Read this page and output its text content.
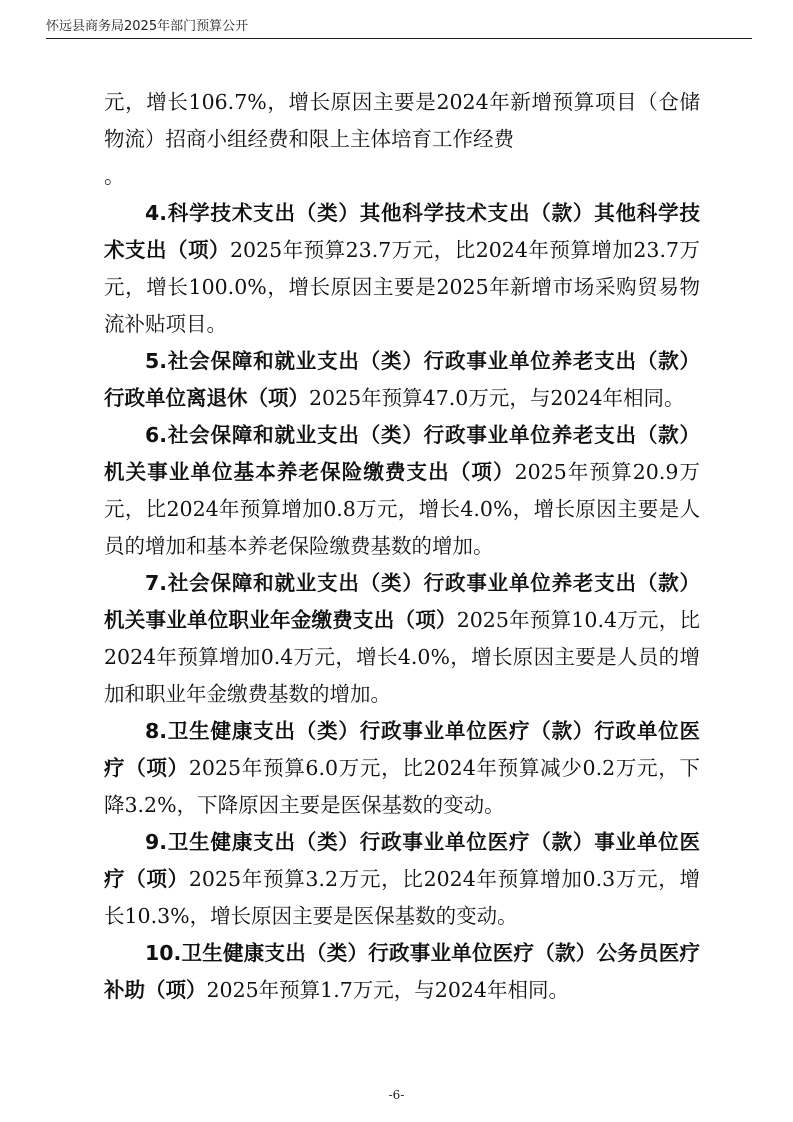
怀远县商务局2025年部门预算公开

元，增长106.7%，增长原因主要是2024年新增预算项目（仓储物流）招商小组经费和限上主体培育工作经费

。

4.科学技术支出（类）其他科学技术支出（款）其他科学技术支出（项）2025年预算23.7万元，比2024年预算增加23.7万元，增长100.0%，增长原因主要是2025年新增市场采购贸易物流补贴项目。

5.社会保障和就业支出（类）行政事业单位养老支出（款）行政单位离退休（项）2025年预算47.0万元，与2024年相同。

6.社会保障和就业支出（类）行政事业单位养老支出（款）机关事业单位基本养老保险缴费支出（项）2025年预算20.9万元，比2024年预算增加0.8万元，增长4.0%，增长原因主要是人员的增加和基本养老保险缴费基数的增加。

7.社会保障和就业支出（类）行政事业单位养老支出（款）机关事业单位职业年金缴费支出（项）2025年预算10.4万元，比2024年预算增加0.4万元，增长4.0%，增长原因主要是人员的增加和职业年金缴费基数的增加。

8.卫生健康支出（类）行政事业单位医疗（款）行政单位医疗（项）2025年预算6.0万元，比2024年预算减少0.2万元，下降3.2%，下降原因主要是医保基数的变动。

9.卫生健康支出（类）行政事业单位医疗（款）事业单位医疗（项）2025年预算3.2万元，比2024年预算增加0.3万元，增长10.3%，增长原因主要是医保基数的变动。

10.卫生健康支出（类）行政事业单位医疗（款）公务员医疗补助（项）2025年预算1.7万元，与2024年相同。

-6-
